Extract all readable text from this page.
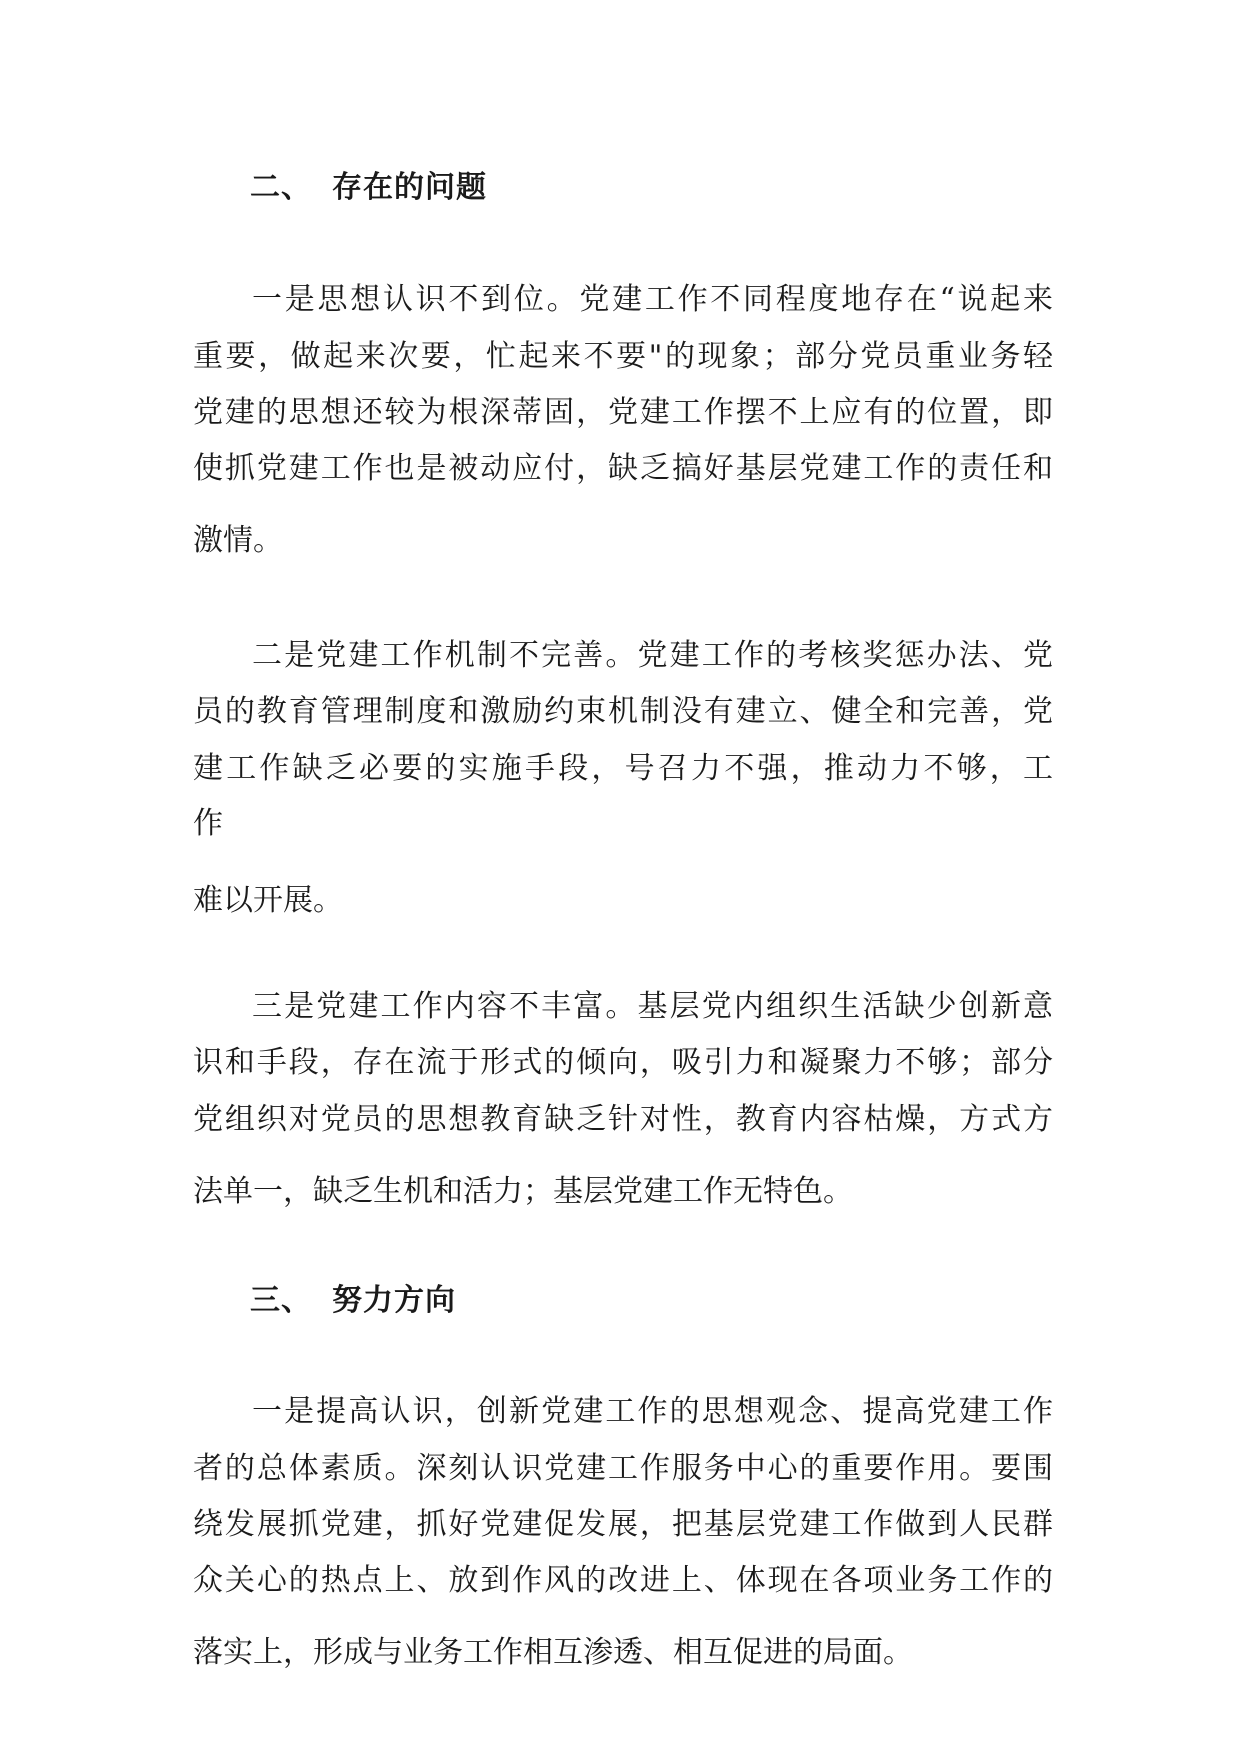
二、 存在的问题
一是思想认识不到位。党建工作不同程度地存在“说起来
重要，做起来次要，忙起来不要"的现象；部分党员重业务轻
党建的思想还较为根深蒂固，党建工作摆不上应有的位置，即
使抓党建工作也是被动应付，缺乏搞好基层党建工作的责任和
激情。
二是党建工作机制不完善。党建工作的考核奖惩办法、党
员的教育管理制度和激励约束机制没有建立、健全和完善，党
建工作缺乏必要的实施手段，号召力不强，推动力不够，工
作
难以开展。
三是党建工作内容不丰富。基层党内组织生活缺少创新意
识和手段，存在流于形式的倾向，吸引力和凝聚力不够；部分
党组织对党员的思想教育缺乏针对性，教育内容枯燥，方式方
法单一，缺乏生机和活力；基层党建工作无特色。
三、 努力方向
一是提高认识，创新党建工作的思想观念、提高党建工作
者的总体素质。深刻认识党建工作服务中心的重要作用。要围
绕发展抓党建，抓好党建促发展，把基层党建工作做到人民群
众关心的热点上、放到作风的改进上、体现在各项业务工作的
落实上，形成与业务工作相互渗透、相互促进的局面。
